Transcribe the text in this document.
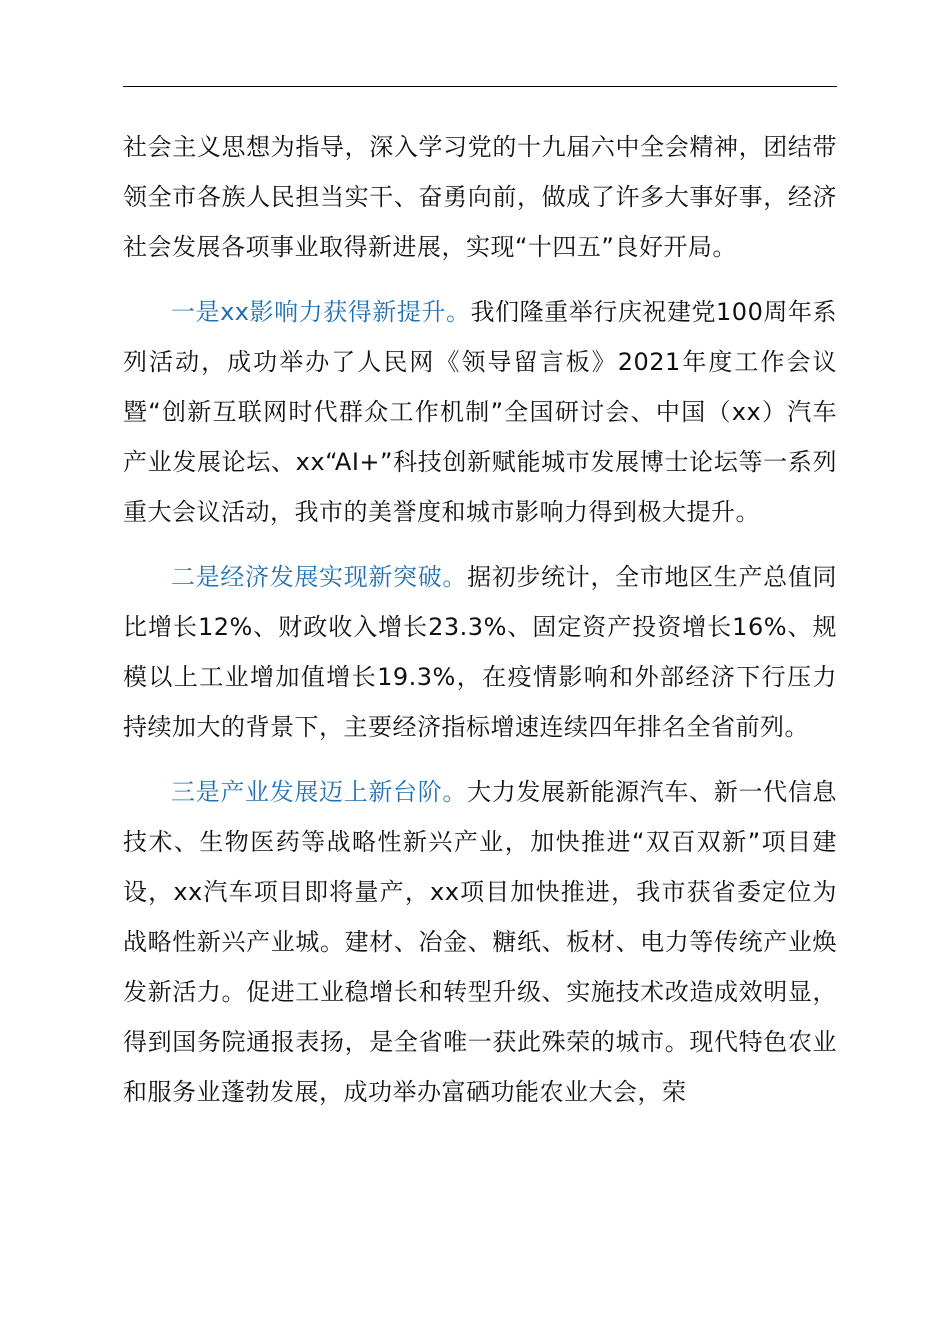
社会主义思想为指导，深入学习党的十九届六中全会精神，团结带领全市各族人民担当实干、奋勇向前，做成了许多大事好事，经济社会发展各项事业取得新进展，实现“十四五”良好开局。

一是xx影响力获得新提升。我们隆重举行庆祝建党100周年系列活动，成功举办了人民网《领导留言板》2021年度工作会议暨“创新互联网时代群众工作机制”全国研讨会、中国（xx）汽车产业发展论坛、xx“AI+”科技创新赋能城市发展博士论坛等一系列重大会议活动，我市的美誉度和城市影响力得到极大提升。

二是经济发展实现新突破。据初步统计，全市地区生产总值同比增长12%、财政收入增长23.3%、固定资产投资增长16%、规模以上工业增加值增长19.3%，在疫情影响和外部经济下行压力持续加大的背景下，主要经济指标增速连续四年排名全省前列。

三是产业发展迈上新台阶。大力发展新能源汽车、新一代信息技术、生物医药等战略性新兴产业，加快推进“双百双新”项目建设，xx汽车项目即将量产，xx项目加快推进，我市获省委定位为战略性新兴产业城。建材、冶金、糖纸、板材、电力等传统产业焕发新活力。促进工业稳增长和转型升级、实施技术改造成效明显，得到国务院通报表扬，是全省唯一获此殊荣的城市。现代特色农业和服务业蓬勃发展，成功举办富硒功能农业大会，荣
